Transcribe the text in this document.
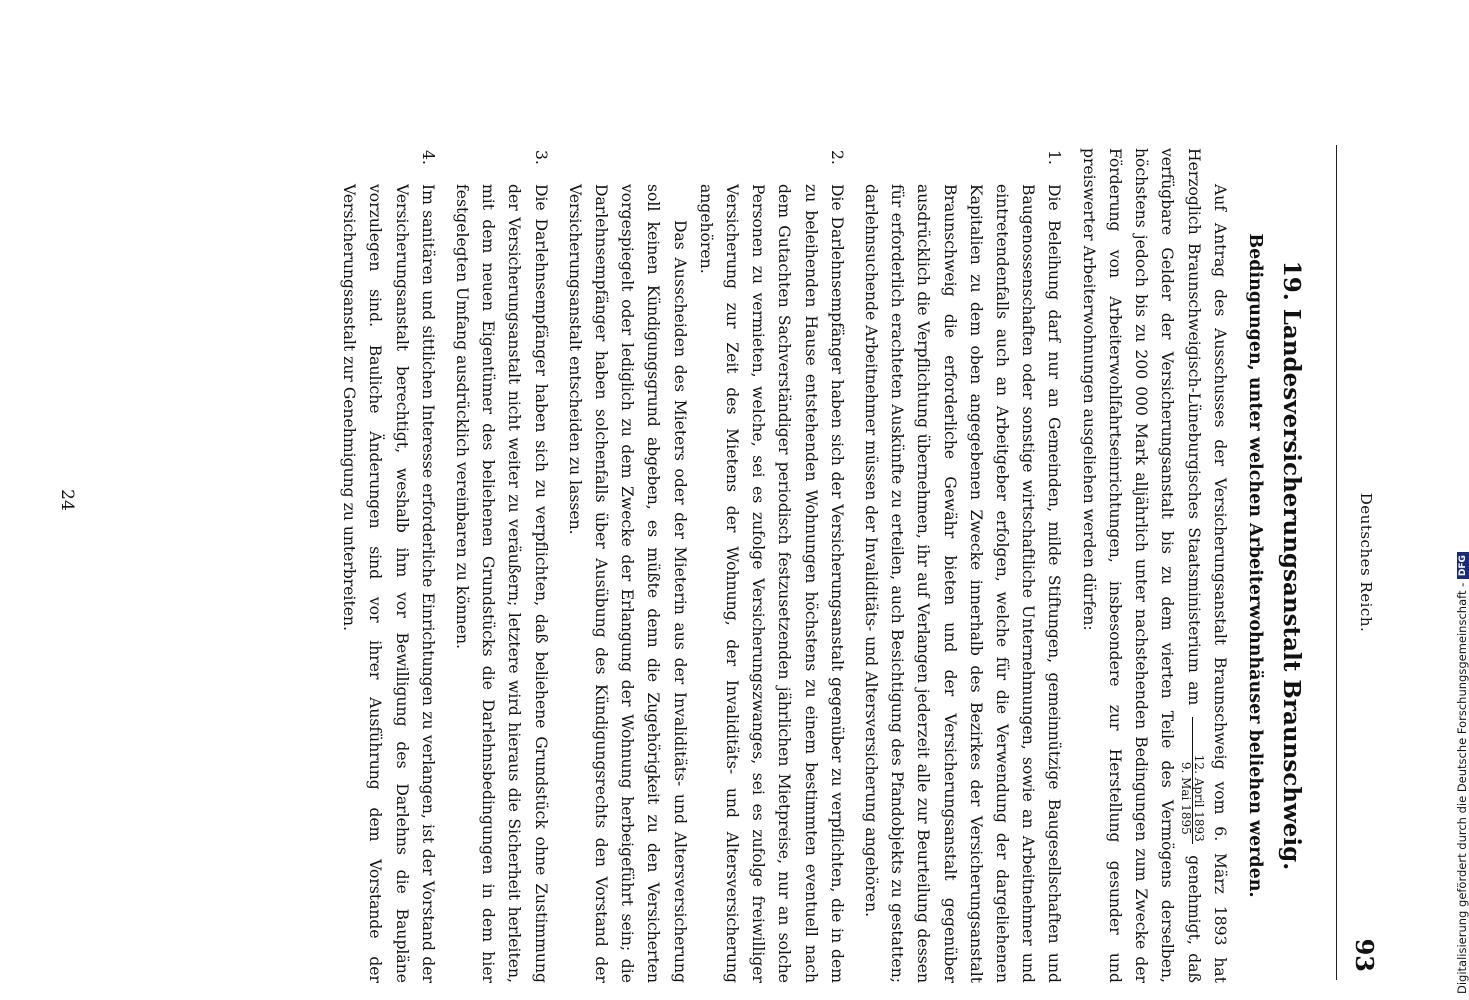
Deutsches Reich.
93

19. Landesversicherungsanstalt Braunschweig.

Bedingungen, unter welchen Arbeiterwohnhäuser beliehen werden.

Auf Antrag des Ausschusses der Versicherungsanstalt Braunschweig vom 6. März 1893 hat Herzoglich Braunschweigisch-Lüneburgisches Staatsministerium am
12. April 1893
9. Mai 1895
genehmigt, daß verfügbare Gelder der Versicherungsanstalt bis zu dem vierten Teile des Vermögens derselben, höchstens jedoch bis zu 200 000 Mark alljährlich unter nachstehenden Bedingungen zum Zwecke der Förderung von Arbeiterwohlfahrtseinrichtungen, insbesondere zur Herstellung gesunder und preiswerter Arbeiterwohnungen ausgeliehen werden dürfen:

1.
Die Beleihung darf nur an Gemeinden, milde Stiftungen, gemeinnützige Baugesellschaften und Baugenossenschaften oder sonstige wirtschaftliche Unternehmungen, sowie an Arbeitnehmer und eintretendenfalls auch an Arbeitgeber erfolgen, welche für die Verwendung der dargeliehenen Kapitalien zu dem oben angegebenen Zwecke innerhalb des Bezirkes der Versicherungsanstalt Braunschweig die erforderliche Gewähr bieten und der Versicherungsanstalt gegenüber ausdrücklich die Verpflichtung übernehmen, ihr auf Verlangen jederzeit alle zur Beurteilung dessen für erforderlich erachteten Auskünfte zu erteilen, auch Besichtigung des Pfandobjekts zu gestatten; darlehnsuchende Arbeitnehmer müssen der Invaliditäts- und Altersversicherung angehören.

2.
Die Darlehnsempfänger haben sich der Versicherungsanstalt gegenüber zu verpflichten, die in dem zu beleihenden Hause entstehenden Wohnungen höchstens zu einem bestimmten eventuell nach dem Gutachten Sachverständiger periodisch festzusetzenden jährlichen Mietpreise, nur an solche Personen zu vermieten, welche, sei es zufolge Versicherungszwanges, sei es zufolge freiwilliger Versicherung zur Zeit des Mietens der Wohnung, der Invaliditäts- und Altersversicherung angehören.

Das Ausscheiden des Mieters oder der Mieterin aus der Invaliditäts- und Altersversicherung soll keinen Kündigungsgrund abgeben, es müßte denn die Zugehörigkeit zu den Versicherten vorgespiegelt oder lediglich zu dem Zwecke der Erlangung der Wohnung herbeigeführt sein; die Darlehnsempfänger haben solchenfalls über Ausübung des Kündigungsrechts den Vorstand der Versicherungsanstalt entscheiden zu lassen.

3.
Die Darlehnsempfänger haben sich zu verpflichten, daß beliehene Grundstück ohne Zustimmung der Versicherungsanstalt nicht weiter zu veräußern; letztere wird hieraus die Sicherheit herleiten, mit dem neuen Eigentümer des beliehenen Grundstücks die Darlehnsbedingungen in dem hier festgelegten Umfang ausdrücklich vereinbaren zu können.

4.
Im sanitären und sittlichen Interesse erforderliche Einrichtungen zu verlangen, ist der Vorstand der Versicherungsanstalt berechtigt, weshalb ihm vor Bewilligung des Darlehns die Baupläne vorzulegen sind. Bauliche Änderungen sind vor ihrer Ausführung dem Vorstande der Versicherungsanstalt zur Genehmigung zu unterbreiten.

24
Digitalisierung gefördert durch die Deutsche Forschungsgemeinschaft - DFG
